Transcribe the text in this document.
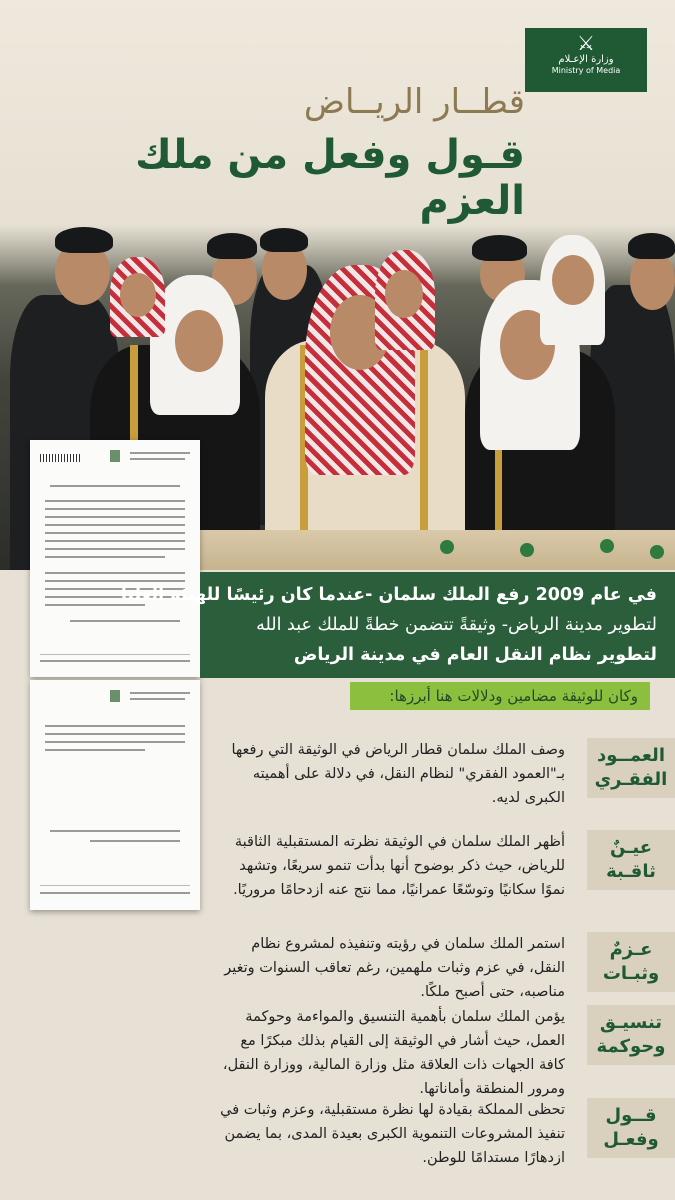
⚔
وزارة الإعـلام
Ministry of Media
قطــار الريــاض
قـول وفعل من ملك العزم
في عام 2009 رفع الملك سلمان -عندما كان رئيسًا للهيئة العليا
لتطوير مدينة الرياض- وثيقةً تتضمن خطةً للملك عبد الله
لتطوير نظام النقل العام في مدينة الرياض
وكان للوثيقة مضامين ودلالات هنا أبرزها:
العمــود
الفقـري
وصف الملك سلمان قطار الرياض في الوثيقة التي رفعها بـ"العمود الفقري" لنظام النقل، في دلالة على أهميته الكبرى لديه.
عيـنٌ
ثاقـبة
أظهر الملك سلمان في الوثيقة نظرته المستقبلية الثاقبة للرياض، حيث ذكر بوضوح أنها بدأت تنمو سريعًا، وتشهد نموًا سكانيًا وتوسّعًا عمرانيًا، مما نتج عنه ازدحامًا مروريًا.
عـزمٌ
وثبـات
استمر الملك سلمان في رؤيته وتنفيذه لمشروع نظام النقل، في عزم وثبات ملهمين، رغم تعاقب السنوات وتغير مناصبه، حتى أصبح ملكًا.
تنسيـق
وحوكمة
يؤمن الملك سلمان بأهمية التنسيق والمواءمة وحوكمة العمل، حيث أشار في الوثيقة إلى القيام بذلك مبكرًا مع كافة الجهات ذات العلاقة مثل وزارة المالية، ووزارة النقل، ومرور المنطقة وأماناتها.
قــول
وفعـل
تحظى المملكة بقيادة لها نظرة مستقبلية، وعزم وثبات في تنفيذ المشروعات التنموية الكبرى بعيدة المدى، بما يضمن ازدهارًا مستدامًا للوطن.
